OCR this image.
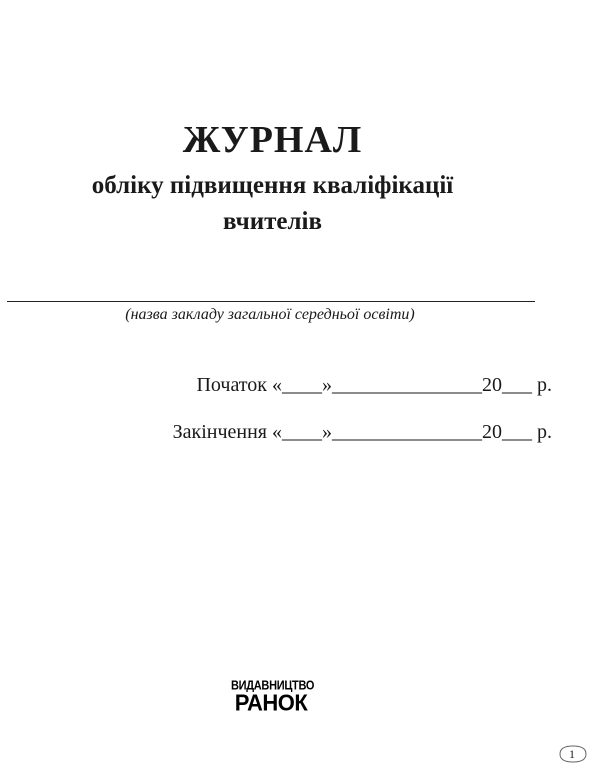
ЖУРНАЛ
обліку підвищення кваліфікації
вчителів
(назва закладу загальної середньої освіти)
Початок «____»_______________20___ р.
Закінчення «____»_______________20___ р.
ВИДАВНИЦТВО
РАНОК
1
